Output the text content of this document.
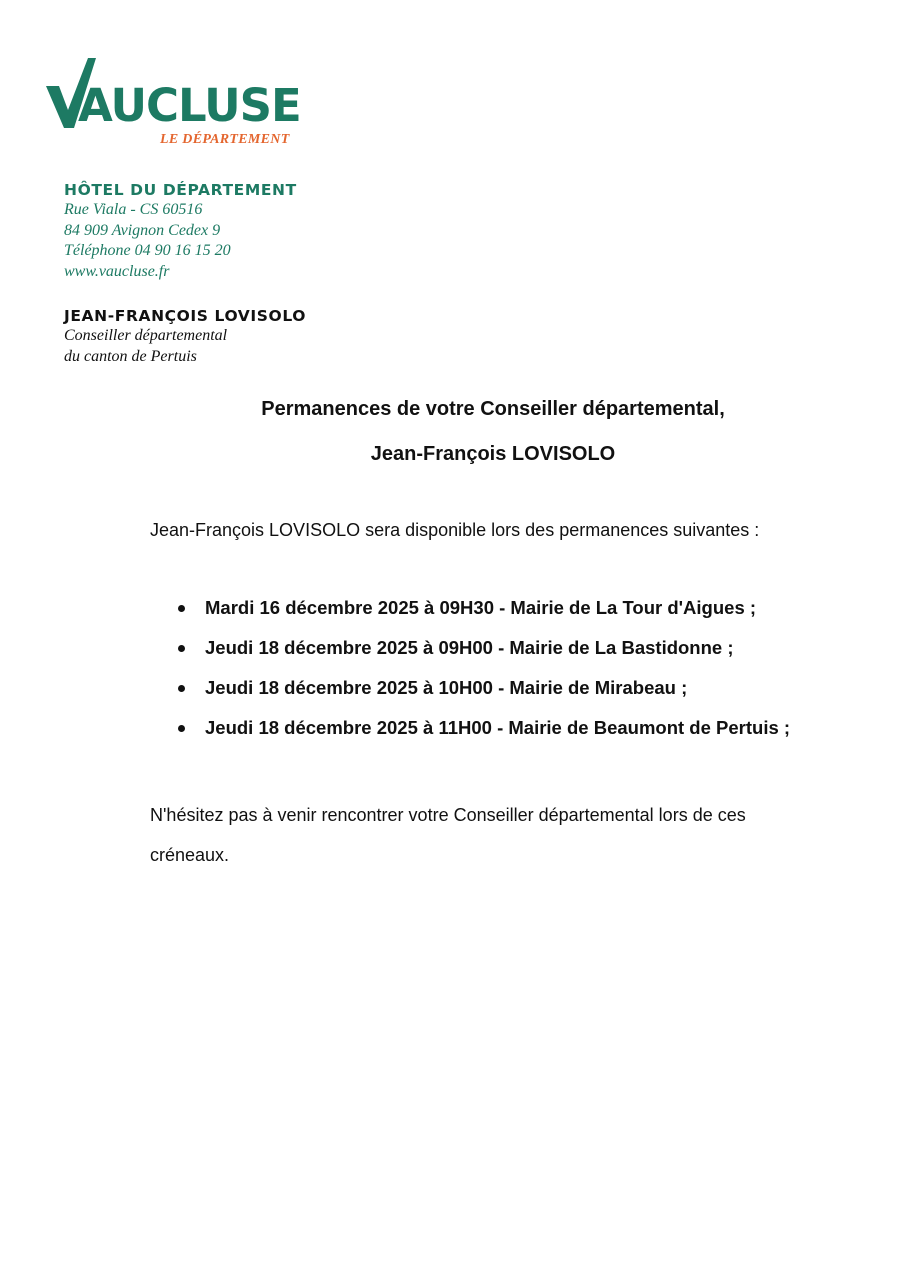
AUCLUSE
LE DÉPARTEMENT
HÔTEL DU DÉPARTEMENT
Rue Viala - CS 60516
84 909 Avignon Cedex 9
Téléphone 04 90 16 15 20
www.vaucluse.fr
JEAN-FRANÇOIS LOVISOLO
Conseiller départemental
du canton de Pertuis
Permanences de votre Conseiller départemental,
Jean-François LOVISOLO
Jean-François LOVISOLO sera disponible lors des permanences suivantes :
Mardi 16 décembre 2025 à 09H30 - Mairie de La Tour d'Aigues ;
Jeudi 18 décembre 2025 à 09H00 - Mairie de La Bastidonne ;
Jeudi 18 décembre 2025 à 10H00 - Mairie de Mirabeau ;
Jeudi 18 décembre 2025 à 11H00 - Mairie de Beaumont de Pertuis ;
N'hésitez pas à venir rencontrer votre Conseiller départemental lors de ces créneaux.
